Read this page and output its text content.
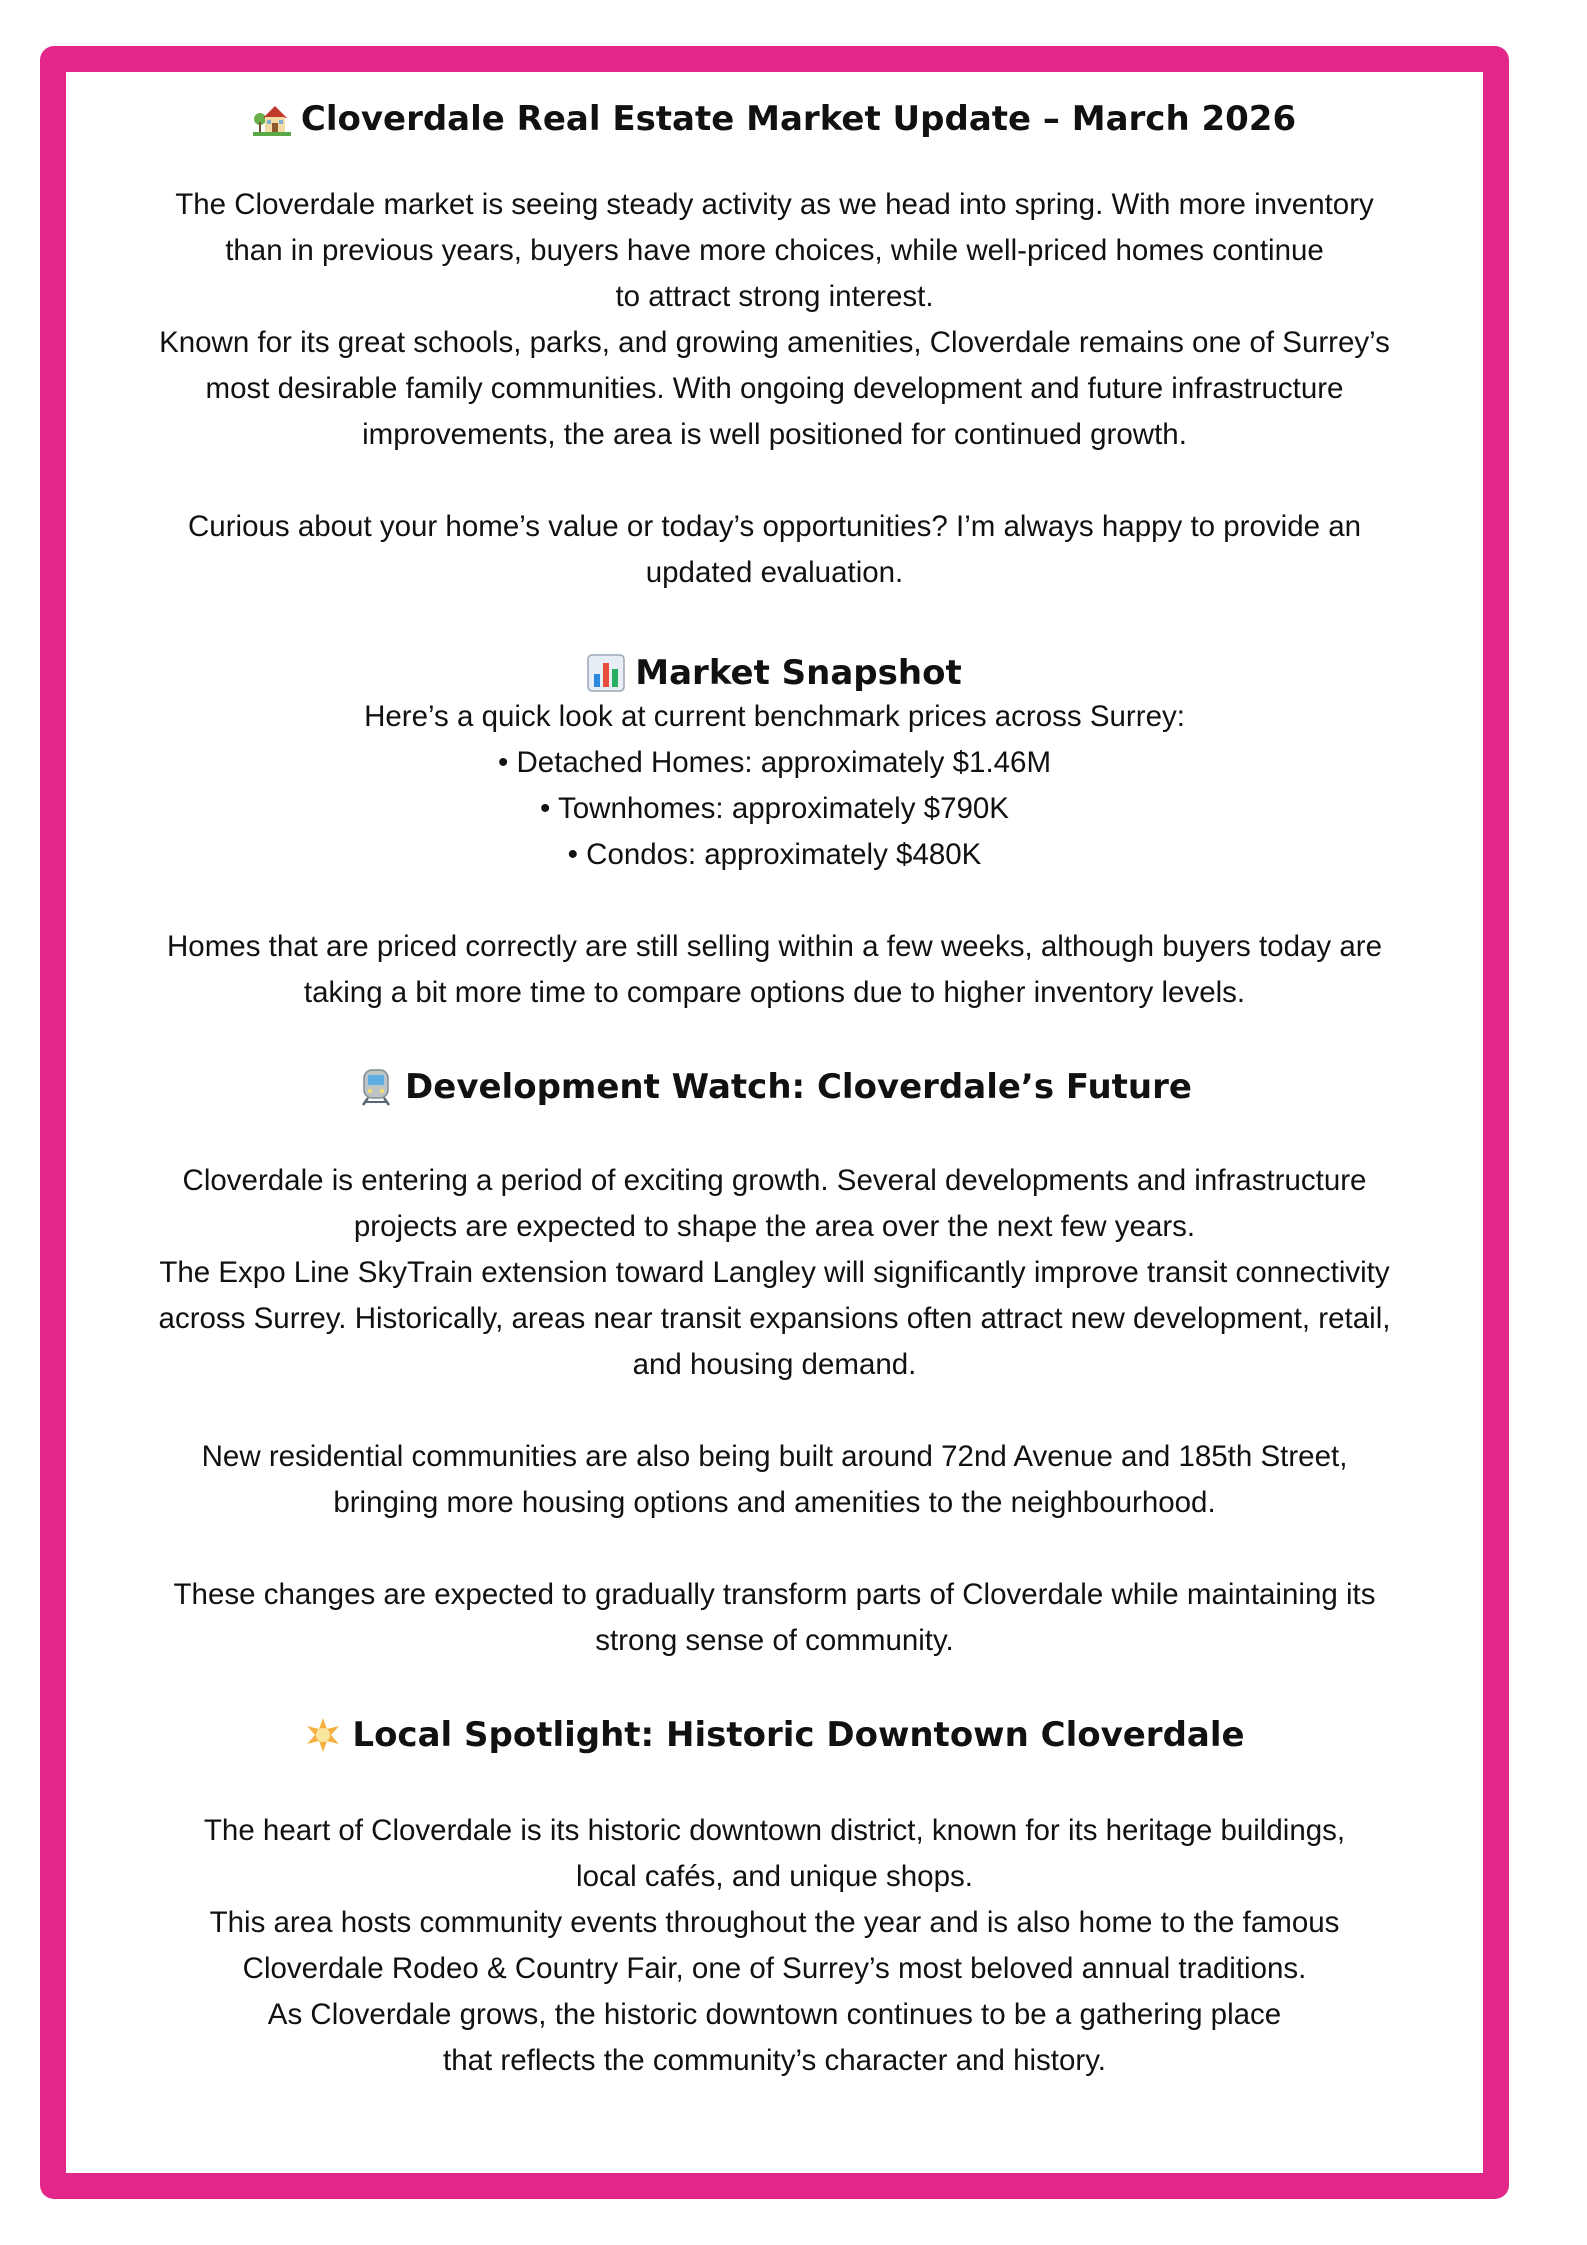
Cloverdale Real Estate Market Update – March 2026

The Cloverdale market is seeing steady activity as we head into spring. With more inventory
than in previous years, buyers have more choices, while well-priced homes continue
to attract strong interest.
Known for its great schools, parks, and growing amenities, Cloverdale remains one of Surrey’s
most desirable family communities. With ongoing development and future infrastructure
improvements, the area is well positioned for continued growth.

Curious about your home’s value or today’s opportunities? I’m always happy to provide an
updated evaluation.

Market Snapshot

Here’s a quick look at current benchmark prices across Surrey:
• Detached Homes: approximately $1.46M
• Townhomes: approximately $790K
• Condos: approximately $480K

Homes that are priced correctly are still selling within a few weeks, although buyers today are
taking a bit more time to compare options due to higher inventory levels.

Development Watch: Cloverdale’s Future

Cloverdale is entering a period of exciting growth. Several developments and infrastructure
projects are expected to shape the area over the next few years.
The Expo Line SkyTrain extension toward Langley will significantly improve transit connectivity
across Surrey. Historically, areas near transit expansions often attract new development, retail,
and housing demand.

New residential communities are also being built around 72nd Avenue and 185th Street,
bringing more housing options and amenities to the neighbourhood.

These changes are expected to gradually transform parts of Cloverdale while maintaining its
strong sense of community.

Local Spotlight: Historic Downtown Cloverdale

The heart of Cloverdale is its historic downtown district, known for its heritage buildings,
local cafés, and unique shops.
This area hosts community events throughout the year and is also home to the famous
Cloverdale Rodeo & Country Fair, one of Surrey’s most beloved annual traditions.
As Cloverdale grows, the historic downtown continues to be a gathering place
that reflects the community’s character and history.
